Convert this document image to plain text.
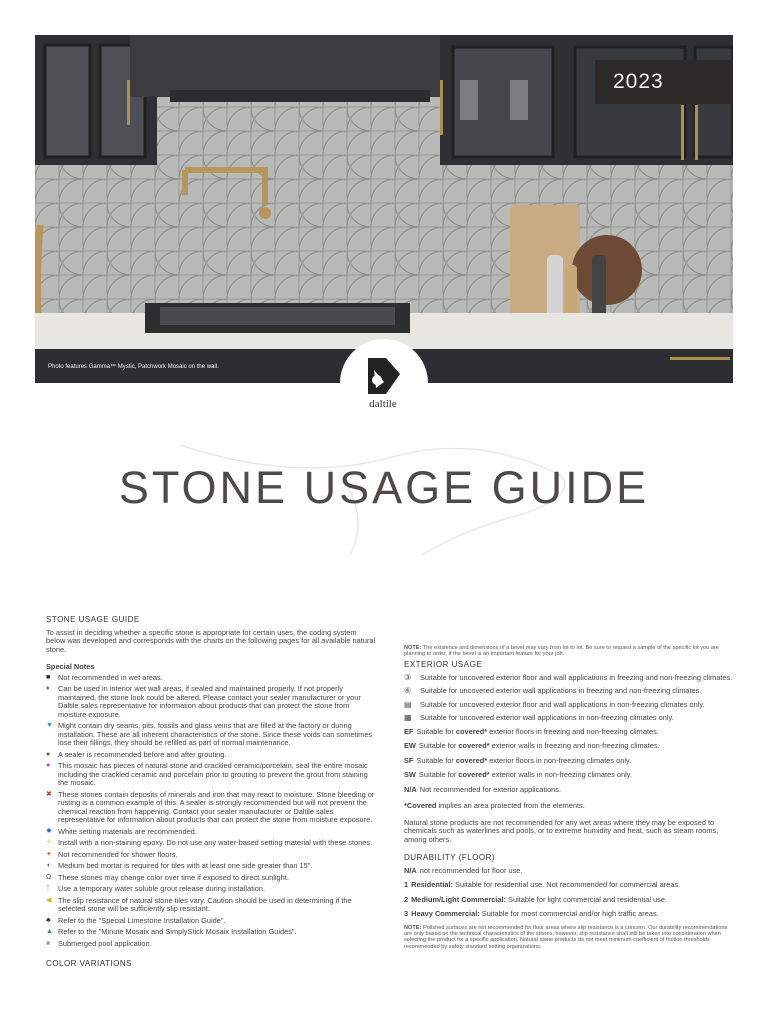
2023
Photo features Gamma™ Mystic, Patchwork Mosaic on the wall.
daltile
STONE USAGE GUIDE
STONE USAGE GUIDE
To assist in deciding whether a specific stone is appropriate for certain uses, the coding system below was developed and corresponds with the charts on the following pages for all available natural stone.
Special Notes
■	Not recommended in wet areas.
♦	Can be used in interior wet wall areas, if sealed and maintained properly. If not properly maintained, the stone look could be altered. Please contact your sealer manufacturer or your Daltile sales representative for information about products that can protect the stone from moisture exposure.
▼ Might contain dry seams, pits, fossils and glass veins that are filled at the factory or during installation. These are all inherent characteristics of the stone. Since these voids can sometimes lose their fillings, they should be refilled as part of normal maintenance.
●	A sealer is recommended before and after grouting.
●	This mosaic has pieces of natural stone and crackled ceramic/porcelain, seal the entire mosaic including the crackled ceramic and porcelain prior to grouting to prevent the grout from staining the mosaic.
✖ These stones contain deposits of minerals and iron that may react to moisture. Stone bleeding or rusting is a common example of this. A sealer is strongly recommended but will not prevent the chemical reaction from happening. Contact your sealer manufacturer or Daltile sales representative for information about products that can protect the stone from moisture exposure.
✹ White setting materials are recommended.
✧ Install with a non-staining epoxy. Do not use any water-based setting material with these stones.
✦ Not recommended for shower floors.
◖	Medium bed mortar is required for tiles with at least one side greater than 15".
Ω These stones may change color over time if exposed to direct sunlight.
†	Use a temporary water soluble grout release during installation.
◀ The slip resistance of natural stone tiles vary. Caution should be used in determining if the selected stone will be sufficiently slip resistant.
♣	Refer to the "Special Limestone Installation Guide".
▲ Refer to the "Minute Mosaix and SimplyStick Mosaix Installation Guides".
⨳	Submerged pool application.
COLOR VARIATIONS
NOTE: The existence and dimensions of a bevel may vary from lot to lot. Be sure to request a sample of the specific lot you are planning to order, if the bevel is an important feature for your job.
EXTERIOR USAGE
③	Suitable for uncovered exterior floor and wall applications in freezing and non-freezing climates.
④	Suitable for uncovered exterior wall applications in freezing and non-freezing climates.
▤	Suitable for uncovered exterior floor and wall applications in non-freezing climates only.
▦	Suitable for uncovered exterior wall applications in non-freezing climates only.
EF Suitable for covered* exterior floors in freezing and non-freezing climates.
EW Suitable for covered* exterior walls in freezing and non-freezing climates.
SF Suitable for covered* exterior floors in non-freezing climates only.
SW Suitable for covered* exterior walls in non-freezing climates only.
N/A Not recommended for exterior applications.
*Covered implies an area protected from the elements.
Natural stone products are not recommended for any wet areas where they may be exposed to chemicals such as waterlines and pools, or to extreme humidity and heat, such as steam rooms, among others.
DURABILITY (FLOOR)
N/A not recommended for floor use.
1 Residential: Suitable for residential use. Not recommended for commercial areas.
2 Medium/Light Commercial: Suitable for light commercial and residential use.
3 Heavy Commercial: Suitable for most commercial and/or high traffic areas.
NOTE: Polished surfaces are not recommended for floor areas where slip resistance is a concern. Our durability recommendations are only based on the technical characteristics of the stones, however, slip resistance shall still be taken into consideration when selecting the product for a specific application. Natural stone products do not meet minimum coefficient of friction thresholds recommended by safety standard setting organizations.
